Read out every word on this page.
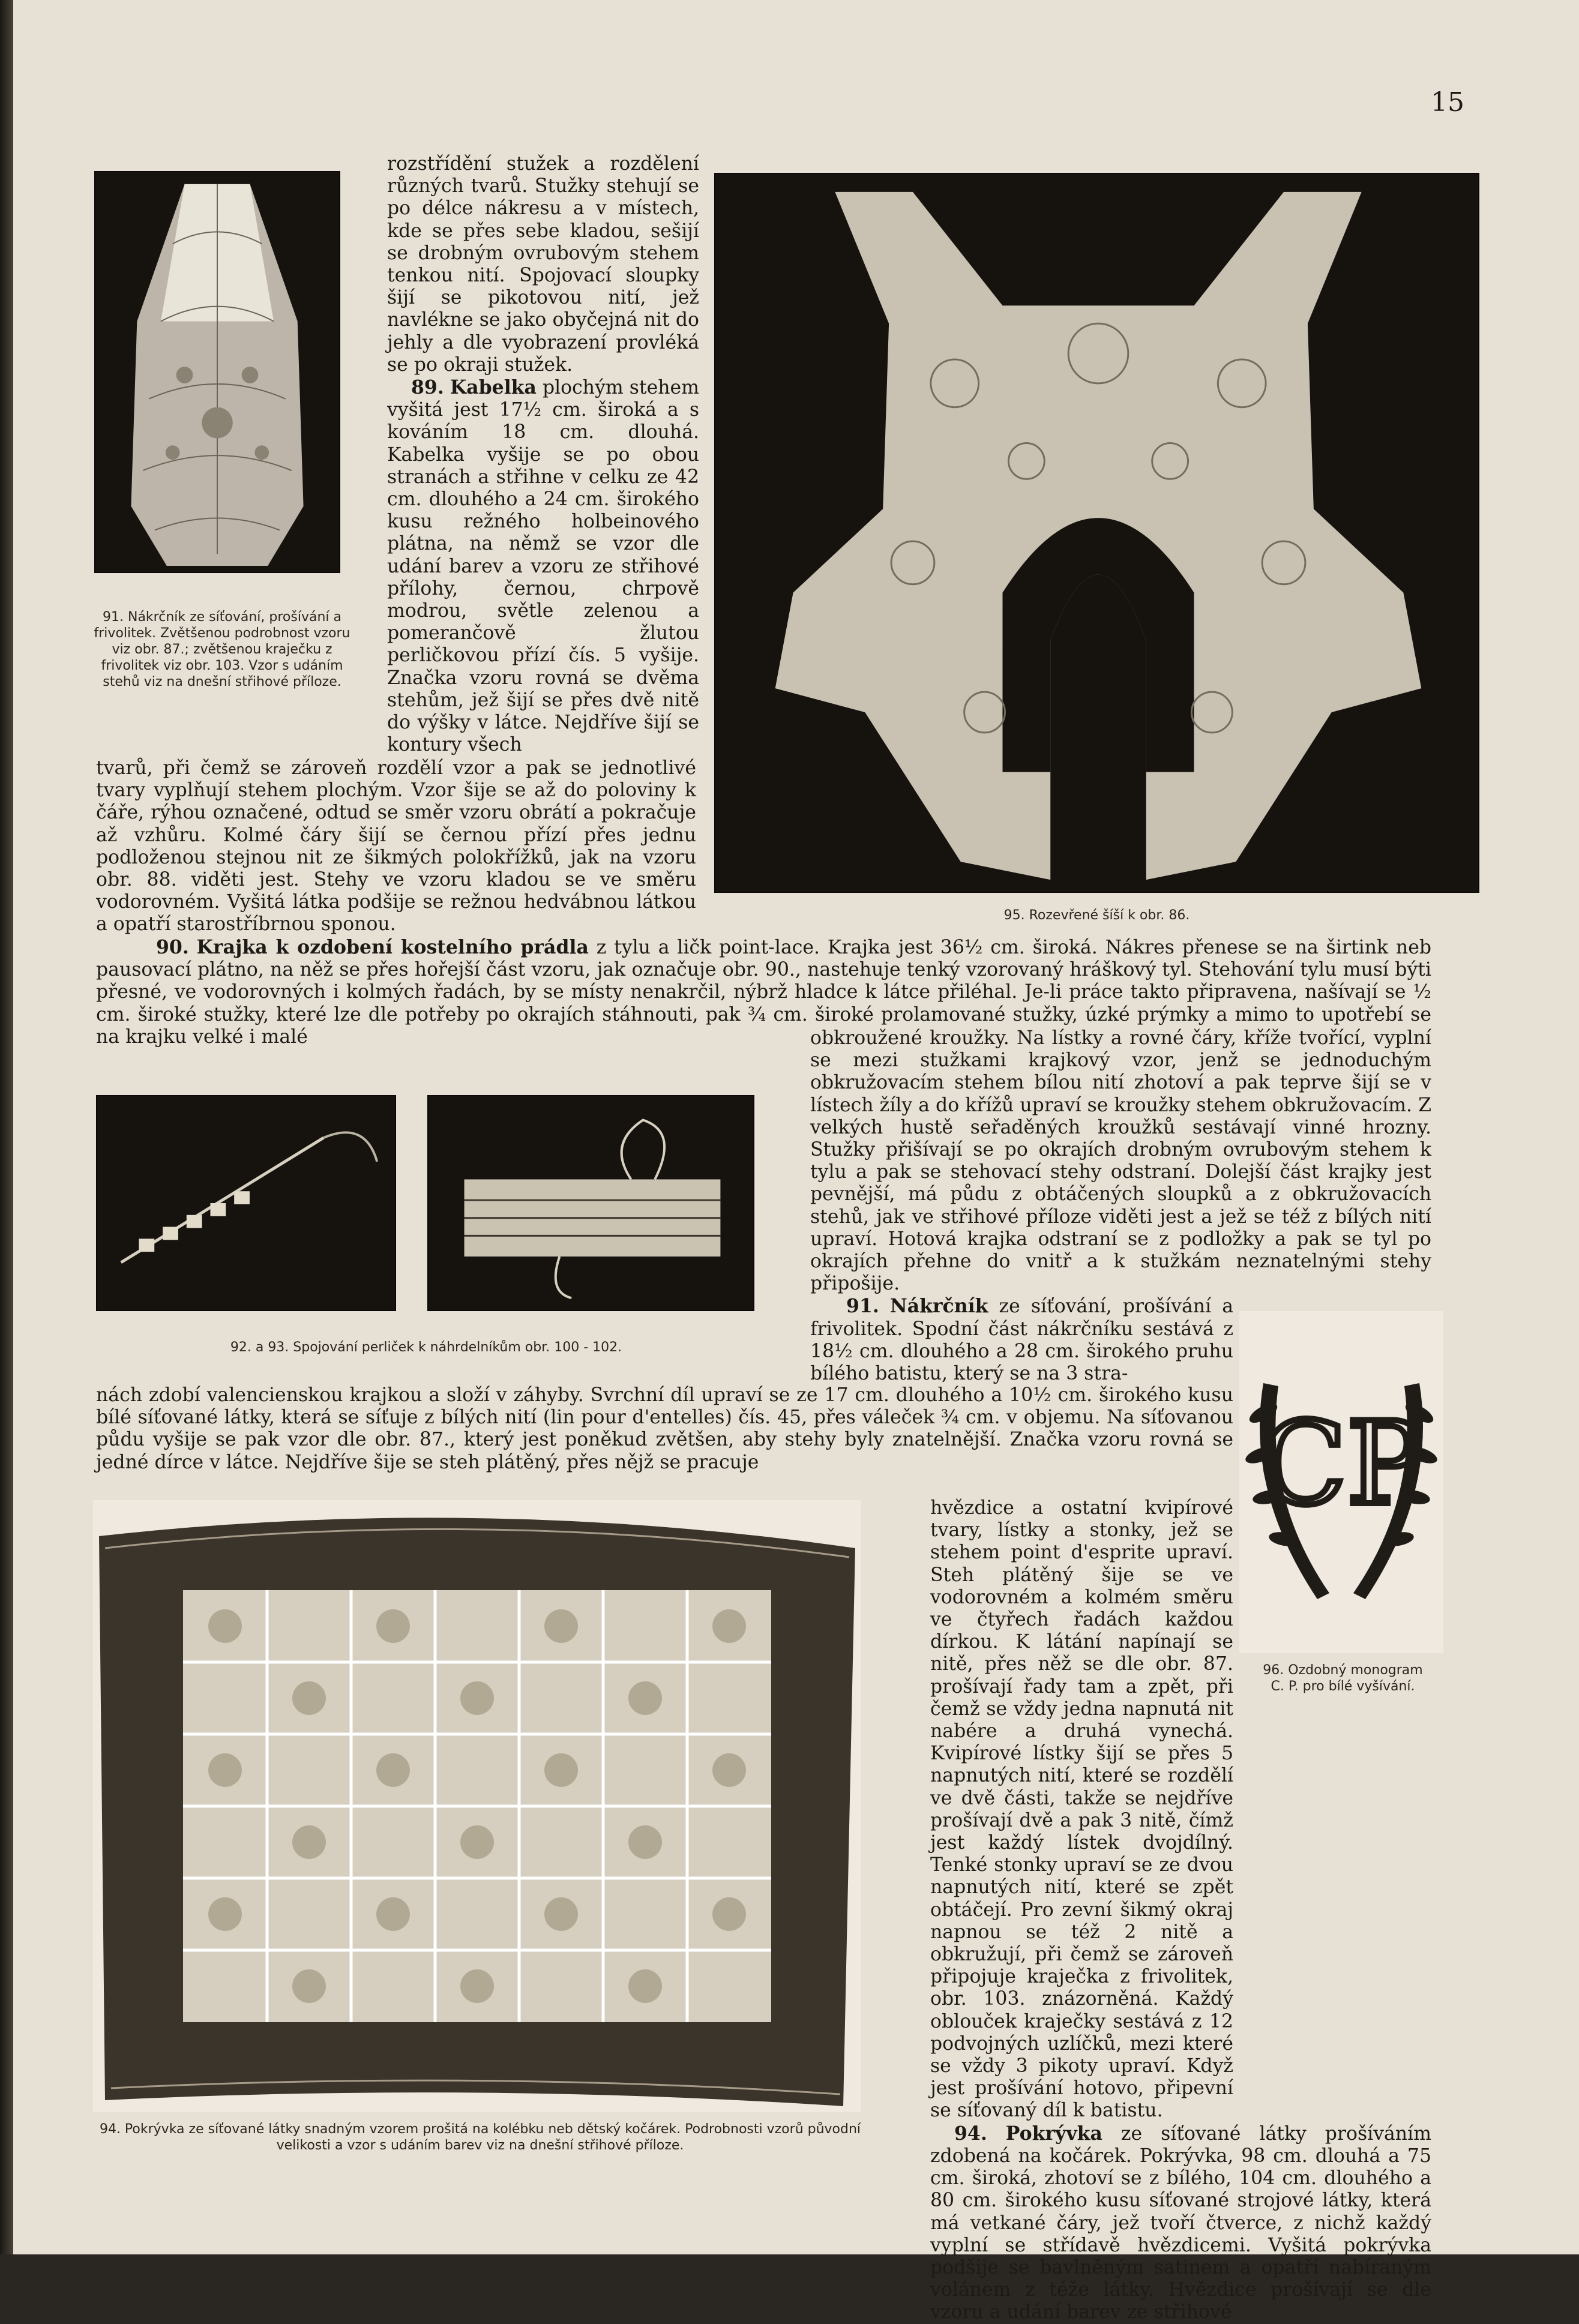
15
91. Nákrčník ze síťování, prošívání a frivolitek. Zvětšenou podrobnost vzoru viz obr. 87.; zvětšenou kraječku z frivolitek viz obr. 103. Vzor s udáním stehů viz na dnešní střihové příloze.

rozstřídění stužek a rozdělení různých tvarů. Stužky stehují se po délce nákresu a v místech, kde se přes sebe kladou, sešijí se drobným ovrubovým stehem tenkou nití. Spojovací sloupky šijí se pikotovou nití, jež navlékne se jako obyčejná nit do jehly a dle vyobrazení provléká se po okraji stužek.

89. Kabelka plochým stehem vyšitá jest 17½ cm. široká a s kováním 18 cm. dlouhá. Kabelka vyšije se po obou stranách a střihne v celku ze 42 cm. dlouhého a 24 cm. širokého kusu režného holbeinového plátna, na němž se vzor dle udání barev a vzoru ze střihové přílohy, černou, chrpově modrou, světle zelenou a pomerančově žlutou perličkovou přízí čís. 5 vyšije. Značka vzoru rovná se dvěma stehům, jež šijí se přes dvě nitě do výšky v látce. Nejdříve šijí se kontury všech

95. Rozevřené šíší k obr. 86.

tvarů, při čemž se zároveň rozdělí vzor a pak se jednotlivé tvary vyplňují stehem plochým. Vzor šije se až do poloviny k čáře, rýhou označené, odtud se směr vzoru obrátí a pokračuje až vzhůru. Kolmé čáry šijí se černou přízí přes jednu podloženou stejnou nit ze šikmých polokřížků, jak na vzoru obr. 88. viděti jest. Stehy ve vzoru kladou se ve směru vodorovném. Vyšitá látka podšije se režnou hedvábnou látkou a opatří starostříbrnou sponou.

90. Krajka k ozdobení kostelního prádla z tylu a ličk point-lace. Krajka jest 36½ cm. široká. Nákres přenese se na širtink neb pausovací plátno, na něž se přes hořejší část vzoru, jak označuje obr. 90., nastehuje tenký vzorovaný hráškový tyl. Stehování tylu musí býti přesné, ve vodorovných i kolmých řadách, by se místy nenakrčil, nýbrž hladce k látce přiléhal. Je-li práce takto připravena, našívají se ½ cm. široké stužky, které lze dle potřeby po okrajích stáhnouti, pak ¾ cm. široké prolamované stužky, úzké prýmky a mimo to upotřebí se na krajku velké i malé

92. a 93. Spojování perliček k náhrdelníkům obr. 100 - 102.

obkroužené kroužky. Na lístky a rovné čáry, kříže tvořící, vyplní se mezi stužkami krajkový vzor, jenž se jednoduchým obkružovacím stehem bílou nití zhotoví a pak teprve šijí se v lístech žíly a do křížů upraví se kroužky stehem obkružovacím. Z velkých hustě seřaděných kroužků sestávají vinné hrozny. Stužky přišívají se po okrajích drobným ovrubovým stehem k tylu a pak se stehovací stehy odstraní. Dolejší část krajky jest pevnější, má půdu z obtáčených sloupků a z obkružovacích stehů, jak ve střihové příloze viděti jest a jež se též z bílých nití upraví. Hotová krajka odstraní se z podložky a pak se tyl po okrajích přehne do vnitř a k stužkám neznatelnými stehy připošije.

91. Nákrčník ze síťování, prošívání a frivolitek. Spodní část nákrčníku sestává z 18½ cm. dlouhého a 28 cm. širokého pruhu bílého batistu, který se na 3 stra-

nách zdobí valencienskou krajkou a složí v záhyby. Svrchní díl upraví se ze 17 cm. dlouhého a 10½ cm. širokého kusu bílé síťované látky, která se síťuje z bílých nití (lin pour d'entelles) čís. 45, přes váleček ¾ cm. v objemu. Na síťovanou půdu vyšije se pak vzor dle obr. 87., který jest poněkud zvětšen, aby stehy byly znatelnější. Značka vzoru rovná se jedné dírce v látce. Nejdříve šije se steh plátěný, přes nějž se pracuje	CP
96. Ozdobný monogram C. P. pro bílé vyšívání.
94. Pokrývka ze síťované látky snadným vzorem prošitá na kolébku neb dětský kočárek. Podrobnosti vzorů původní velikosti a vzor s udáním barev viz na dnešní střihové příloze.

hvězdice a ostatní kvipírové tvary, lístky a stonky, jež se stehem point d'esprite upraví. Steh plátěný šije se ve vodorovném a kolmém směru ve čtyřech řadách každou dírkou. K látání napínají se nitě, přes něž se dle obr. 87. prošívají řady tam a zpět, při čemž se vždy jedna napnutá nit nabére a druhá vynechá. Kvipírové lístky šijí se přes 5 napnutých nití, které se rozdělí ve dvě části, takže se nejdříve prošívají dvě a pak 3 nitě, čímž jest každý lístek dvojdílný. Tenké stonky upraví se ze dvou napnutých nití, které se zpět obtáčejí. Pro zevní šikmý okraj napnou se též 2 nitě a obkružují, při čemž se zároveň připojuje kraječka z frivolitek, obr. 103. znázorněná. Každý oblouček kraječky sestává z 12 podvojných uzlíčků, mezi které se vždy 3 pikoty upraví. Když jest prošívání hotovo, připevní se síťovaný díl k batistu.

94. Pokrývka ze síťované látky prošíváním zdobená na kočárek. Pokrývka, 98 cm. dlouhá a 75 cm. široká, zhotoví se z bílého, 104 cm. dlouhého a 80 cm. širokého kusu síťované strojové látky, která má vetkané čáry, jež tvoří čtverce, z nichž každý vyplní se střídavě hvězdicemi. Vyšitá pokrývka podšije se bavlněným satinem a opatří nabíraným volánem z téže látky. Hvězdice prošívají se dle vzoru a udání barev ze střihové
